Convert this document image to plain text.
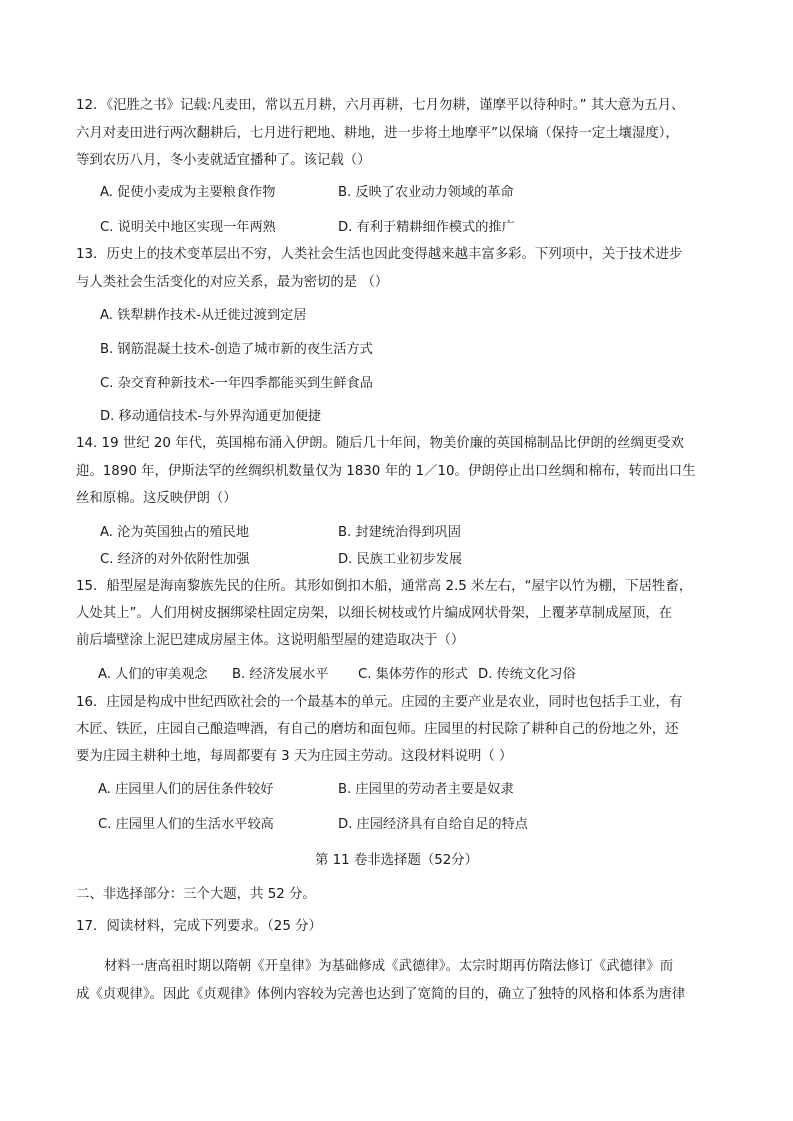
12．《汜胜之书》记载:凡麦田，常以五月耕，六月再耕，七月勿耕，谨摩平以待种时。” 其大意为五月、
六月对麦田进行两次翻耕后，七月进行耙地、耕地，进一步将土地摩平”以保墒（保持一定土壤湿度），
等到农历八月，冬小麦就适宜播种了。该记载（）
A. 促使小麦成为主要粮食作物	B. 反映了农业动力领域的革命
C. 说明关中地区实现一年两熟	D. 有利于精耕细作模式的推广
13．历史上的技术变革层出不穷，人类社会生活也因此变得越来越丰富多彩。下列项中，关于技术进步
与人类社会生活变化的对应关系，最为密切的是 （）
A. 铁犁耕作技术-从迁徙过渡到定居
B. 钢筋混凝土技术-创造了城市新的夜生活方式
C. 杂交育种新技术-一年四季都能买到生鲜食品
D. 移动通信技术-与外界沟通更加便捷
14. 19 世纪 20 年代，英国棉布涌入伊朗。随后几十年间，物美价廉的英国棉制品比伊朗的丝绸更受欢
迎。1890 年，伊斯法罕的丝绸织机数量仅为 1830 年的 1／10。伊朗停止出口丝绸和棉布，转而出口生
丝和原棉。这反映伊朗（）
A. 沦为英国独占的殖民地	B. 封建统治得到巩固
C. 经济的对外依附性加强	D. 民族工业初步发展
15．船型屋是海南黎族先民的住所。其形如倒扣木船，通常高 2.5 米左右，“屋宇以竹为棚，下居牲畜，
人处其上”。人们用树皮捆绑梁柱固定房架，以细长树枝或竹片编成网状骨架，上覆茅草制成屋顶，在
前后墙壁涂上泥巴建成房屋主体。这说明船型屋的建造取决于（）
A. 人们的审美观念 B. 经济发展水平 C. 集体劳作的形式 D. 传统文化习俗
16．庄园是构成中世纪西欧社会的一个最基本的单元。庄园的主要产业是农业，同时也包括手工业，有
木匠、铁匠，庄园自己酿造啤酒，有自己的磨坊和面包师。庄园里的村民除了耕种自己的份地之外，还
要为庄园主耕种土地，每周都要有 3 天为庄园主劳动。这段材料说明（ ）
A. 庄园里人们的居住条件较好	B. 庄园里的劳动者主要是奴隶
C. 庄园里人们的生活水平较高	D. 庄园经济具有自给自足的特点
第 11 卷非选择题（52分）
二、非选择部分：三个大题，共 52 分。
17．阅读材料，完成下列要求。（25 分）
材料一唐高祖时期以隋朝《开皇律》为基础修成《武德律》。太宗时期再仿隋法修订《武德律》而
成《贞观律》。因此《贞观律》体例内容较为完善也达到了宽简的目的，确立了独特的风格和体系为唐律
